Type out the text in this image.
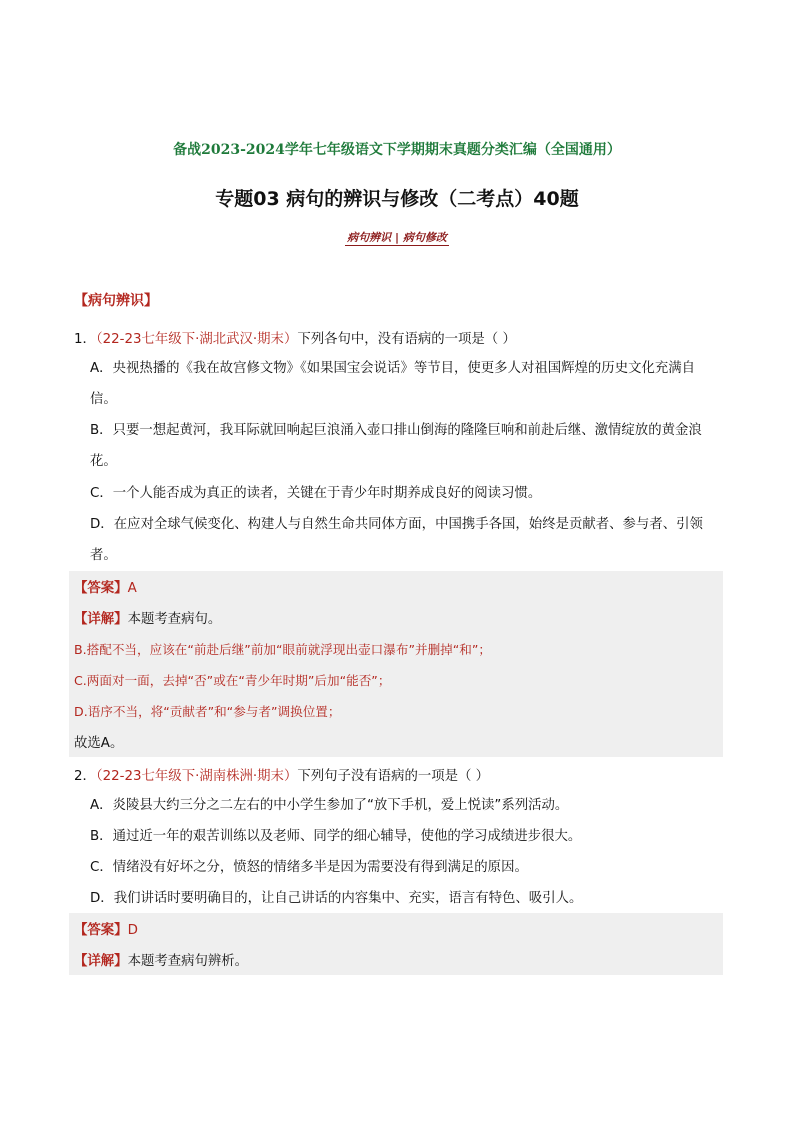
备战2023-2024学年七年级语文下学期期末真题分类汇编（全国通用）
专题03 病句的辨识与修改（二考点）40题
病句辨识 | 病句修改
【病句辨识】
1．（22-23七年级下·湖北武汉·期末）下列各句中，没有语病的一项是（ ）
A．央视热播的《我在故宫修文物》《如果国宝会说话》等节目，使更多人对祖国辉煌的历史文化充满自信。
B．只要一想起黄河，我耳际就回响起巨浪涌入壶口排山倒海的隆隆巨响和前赴后继、激情绽放的黄金浪花。
C．一个人能否成为真正的读者，关键在于青少年时期养成良好的阅读习惯。
D．在应对全球气候变化、构建人与自然生命共同体方面，中国携手各国，始终是贡献者、参与者、引领者。
【答案】A
【详解】本题考查病句。
B.搭配不当，应该在“前赴后继”前加“眼前就浮现出壶口瀑布”并删掉“和”；
C.两面对一面，去掉“否”或在“青少年时期”后加“能否”；
D.语序不当，将“贡献者”和“参与者”调换位置；
故选A。
2．（22-23七年级下·湖南株洲·期末）下列句子没有语病的一项是（ ）
A．炎陵县大约三分之二左右的中小学生参加了“放下手机，爱上悦读”系列活动。
B．通过近一年的艰苦训练以及老师、同学的细心辅导，使他的学习成绩进步很大。
C．情绪没有好坏之分，愤怒的情绪多半是因为需要没有得到满足的原因。
D．我们讲话时要明确目的，让自己讲话的内容集中、充实，语言有特色、吸引人。
【答案】D
【详解】本题考查病句辨析。
